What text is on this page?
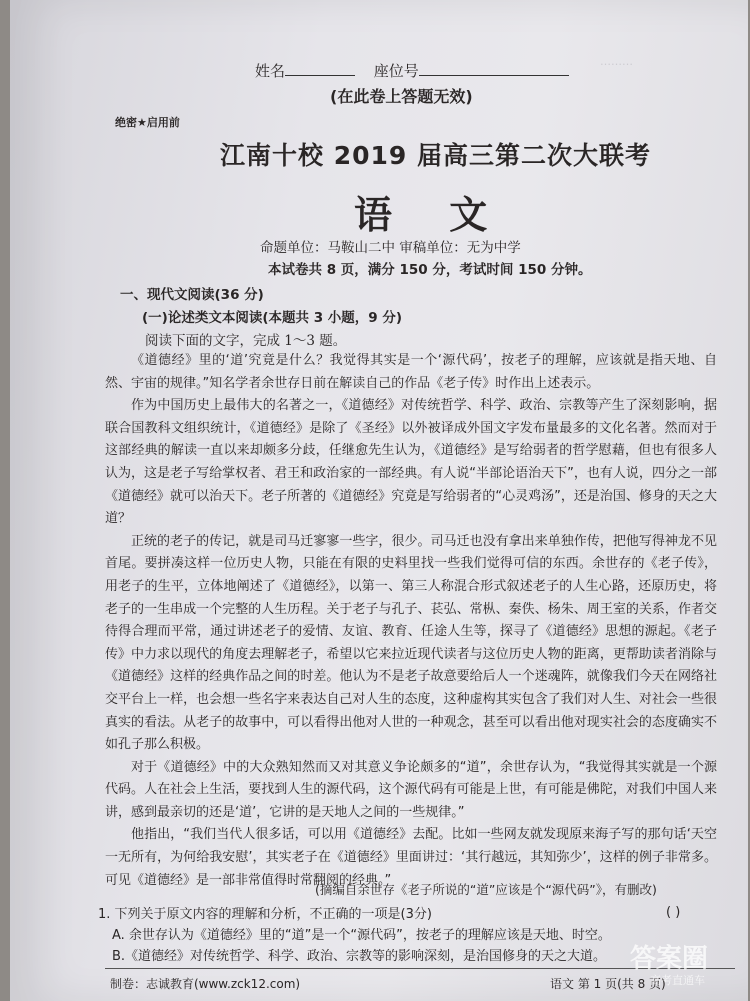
………
姓名	座位号
(在此卷上答题无效)
绝密★启用前
江南十校 2019 届高三第二次大联考
语 文
命题单位：马鞍山二中 审稿单位：无为中学
本试卷共 8 页，满分 150 分，考试时间 150 分钟。
一、现代文阅读(36 分)
(一)论述类文本阅读(本题共 3 小题，9 分)
阅读下面的文字，完成 1～3 题。

《道德经》里的‘道’究竟是什么？我觉得其实是一个‘源代码’，按老子的理解，应该就是指天地、自然、宇宙的规律。”知名学者余世存日前在解读自己的作品《老子传》时作出上述表示。

作为中国历史上最伟大的名著之一，《道德经》对传统哲学、科学、政治、宗教等产生了深刻影响，据联合国教科文组织统计，《道德经》是除了《圣经》以外被译成外国文字发布量最多的文化名著。然而对于这部经典的解读一直以来却颇多分歧，任继愈先生认为，《道德经》是写给弱者的哲学慰藉，但也有很多人认为，这是老子写给掌权者、君王和政治家的一部经典。有人说“半部论语治天下”，也有人说，四分之一部《道德经》就可以治天下。老子所著的《道德经》究竟是写给弱者的“心灵鸡汤”，还是治国、修身的天之大道？

正统的老子的传记，就是司马迁寥寥一些字，很少。司马迁也没有拿出来单独作传，把他写得神龙不见首尾。要拼凑这样一位历史人物，只能在有限的史料里找一些我们觉得可信的东西。余世存的《老子传》，用老子的生平，立体地阐述了《道德经》，以第一、第三人称混合形式叙述老子的人生心路，还原历史，将老子的一生串成一个完整的人生历程。关于老子与孔子、苌弘、常枞、秦佚、杨朱、周王室的关系，作者交待得合理而平常，通过讲述老子的爱情、友谊、教育、任途人生等，探寻了《道德经》思想的源起。《老子传》中力求以现代的角度去理解老子，希望以它来拉近现代读者与这位历史人物的距离，更帮助读者消除与《道德经》这样的经典作品之间的时差。他认为不是老子故意要给后人一个迷魂阵，就像我们今天在网络社交平台上一样，也会想一些名字来表达自己对人生的态度，这种虚构其实包含了我们对人生、对社会一些很真实的看法。从老子的故事中，可以看得出他对人世的一种观念，甚至可以看出他对现实社会的态度确实不如孔子那么积极。

对于《道德经》中的大众熟知然而又对其意义争论颇多的“道”，余世存认为，“我觉得其实就是一个源代码。人在社会上生活，要找到人生的源代码，这个源代码有可能是上世，有可能是佛陀，对我们中国人来讲，感到最亲切的还是‘道’，它讲的是天地人之间的一些规律。”

他指出，“我们当代人很多话，可以用《道德经》去配。比如一些网友就发现原来海子写的那句话‘天空一无所有，为何给我安慰’，其实老子在《道德经》里面讲过：‘其行越远，其知弥少’，这样的例子非常多。可见《道德经》是一部非常值得时常翻阅的经典。”

(摘编自余世存《老子所说的“道”应该是个“源代码”》，有删改)
1. 下列关于原文内容的理解和分析，不正确的一项是(3分)
A. 余世存认为《道德经》里的“道”是一个“源代码”，按老子的理解应该是天地、时空。
B.《道德经》对传统哲学、科学、政治、宗教等的影响深刻，是治国修身的天之大道。
( )
制卷：志诚教育(www.zck12.com)	语文 第 1 页(共 8 页)
答案圈
高考直通车
